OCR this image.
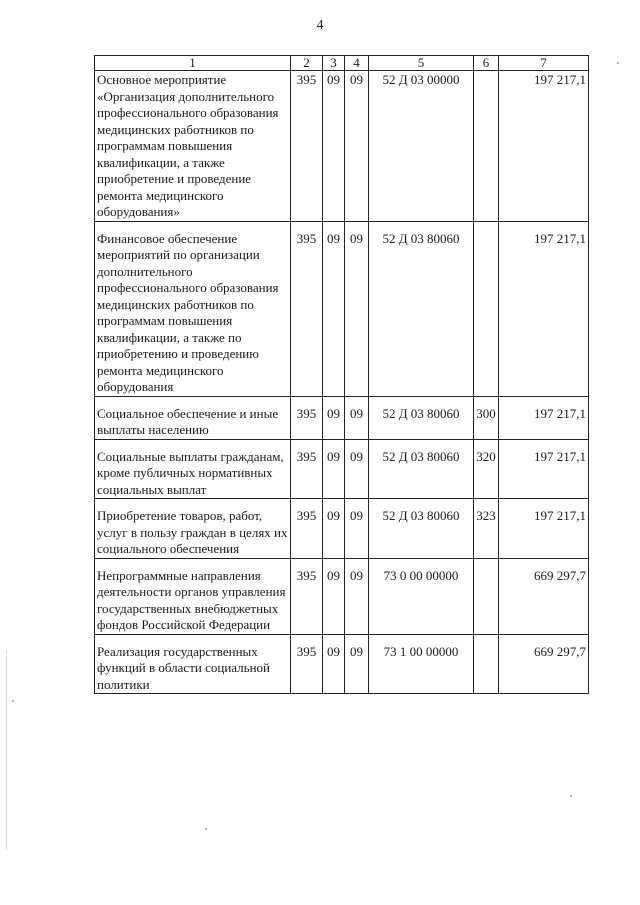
4
1	2	3	4	5	6	7
Основное мероприятие «Организация дополнительного профессионального образования медицинских работников по программам повышения квалификации, а также приобретение и проведение ремонта медицинского оборудования»	395	09	09	52 Д 03 00000		197 217,1

Финансовое обеспечение мероприятий по организации дополнительного профессионального образования медицинских работников по программам повышения квалификации, а также по приобретению и проведению ремонта медицинского оборудования	395	09	09	52 Д 03 80060		197 217,1

Социальное обеспечение и иные выплаты населению	395	09	09	52 Д 03 80060	300	197 217,1

Социальные выплаты гражданам, кроме публичных нормативных социальных выплат	395	09	09	52 Д 03 80060	320	197 217,1

Приобретение товаров, работ, услуг в пользу граждан в целях их социального обеспечения	395	09	09	52 Д 03 80060	323	197 217,1

Непрограммные направления деятельности органов управления государственных внебюджетных фондов Российской Федерации	395	09	09	73 0 00 00000		669 297,7

Реализация государственных функций в области социальной политики	395	09	09	73 1 00 00000		669 297,7
